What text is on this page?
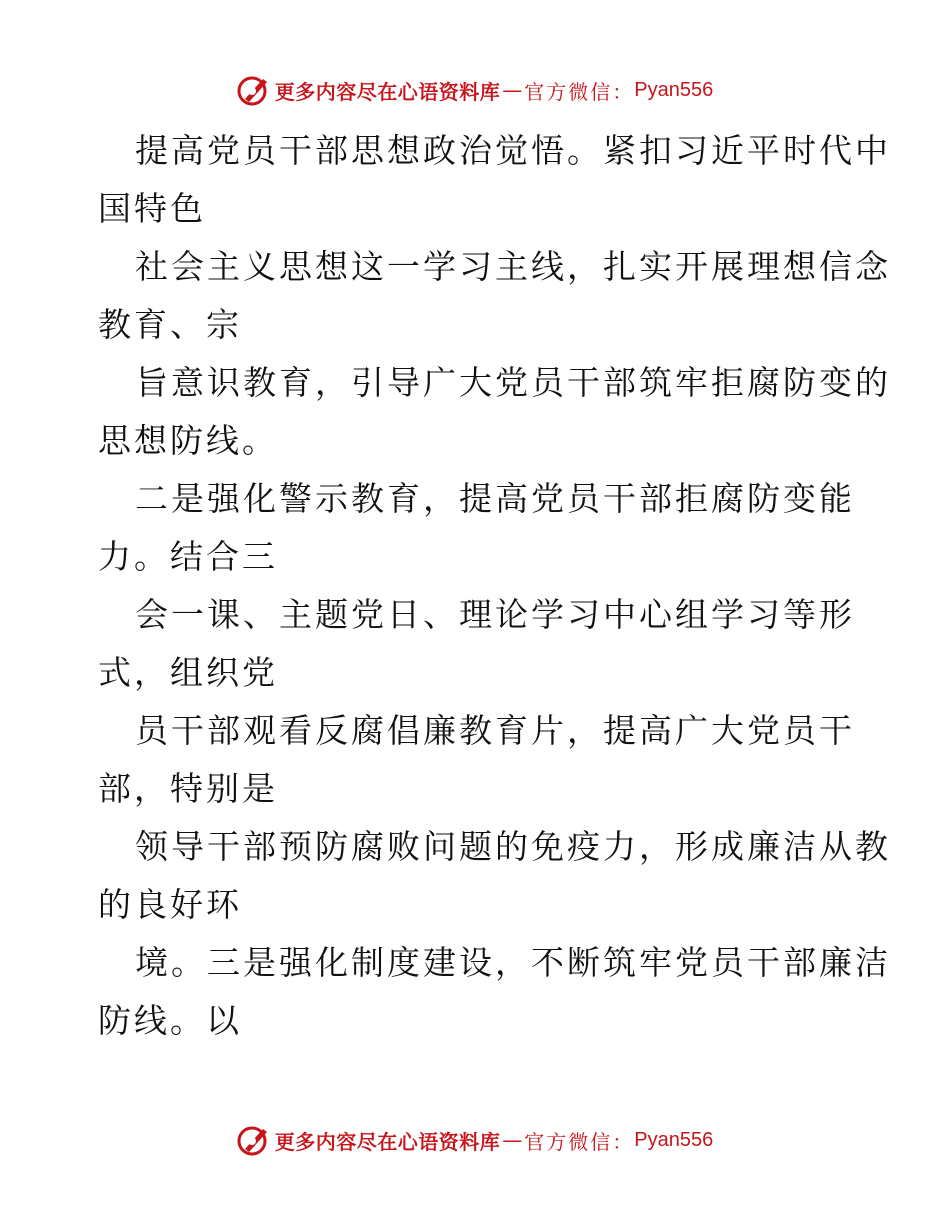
更多内容尽在心语资料库 — 官方微信： Pyan556
提高党员干部思想政治觉悟。紧扣习近平时代中
国特色
社会主义思想这一学习主线，扎实开展理想信念
教育、宗
旨意识教育，引导广大党员干部筑牢拒腐防变的
思想防线。
二是强化警示教育，提高党员干部拒腐防变能
力。结合三
会一课、主题党日、理论学习中心组学习等形
式，组织党
员干部观看反腐倡廉教育片，提高广大党员干
部，特别是
领导干部预防腐败问题的免疫力，形成廉洁从教
的良好环
境。三是强化制度建设，不断筑牢党员干部廉洁
防线。以
更多内容尽在心语资料库 — 官方微信： Pyan556
